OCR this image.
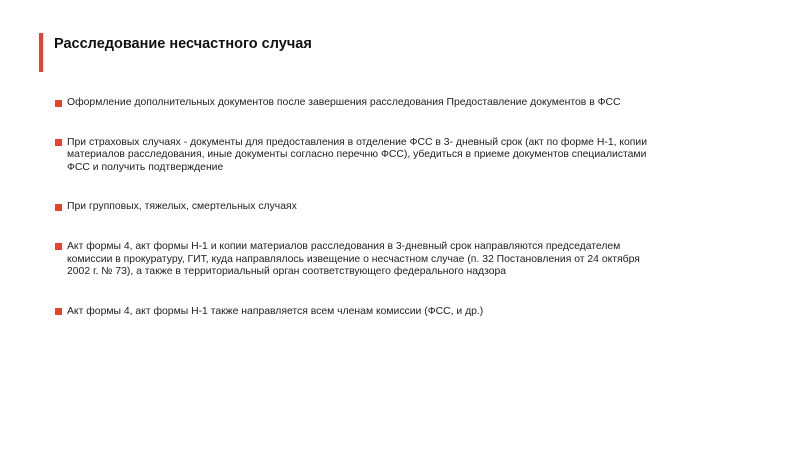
Расследование несчастного случая
Оформление дополнительных документов после завершения расследования Предоставление документов в ФСС
При страховых случаях - документы для предоставления в отделение ФСС в 3- дневный срок (акт по форме Н-1, копии материалов расследования, иные документы согласно перечню ФСС), убедиться в приеме документов специалистами ФСС и получить подтверждение
При групповых, тяжелых, смертельных случаях
Акт формы 4, акт формы Н-1 и копии материалов расследования в 3-дневный срок направляются председателем комиссии в прокуратуру, ГИТ, куда направлялось извещение о несчастном случае (п. 32 Постановления от 24 октября 2002 г. № 73), а также в территориальный орган соответствующего федерального надзора
Акт формы 4, акт формы Н-1 также направляется всем членам комиссии (ФСС, и др.)
